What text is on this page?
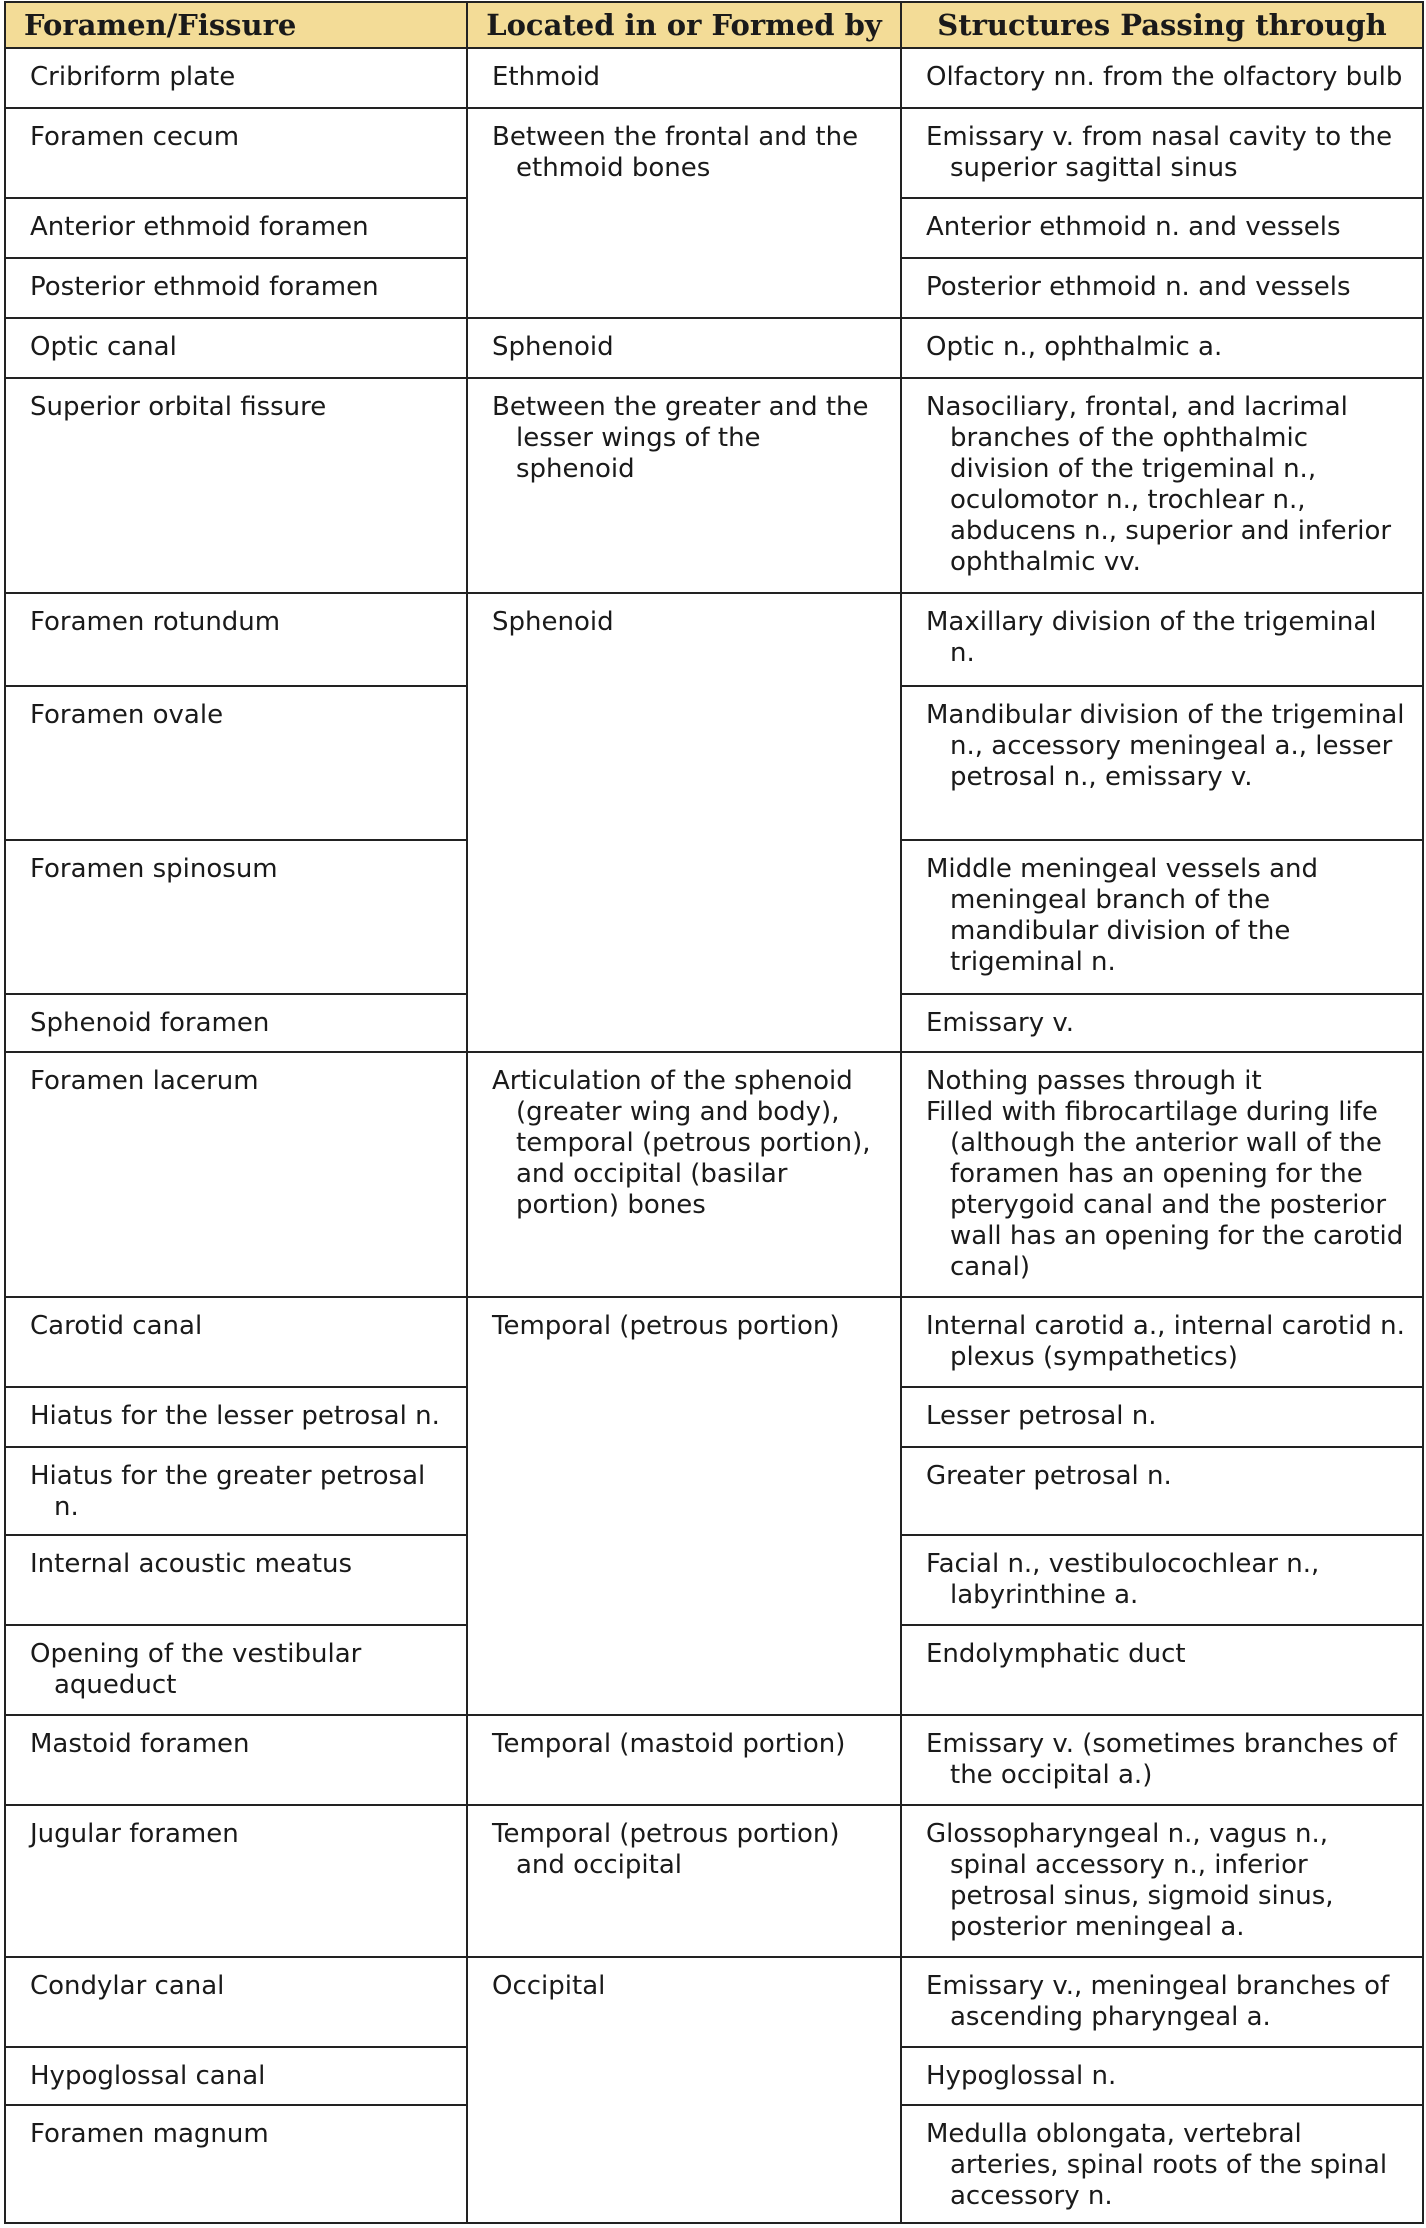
Foramen/Fissure	Located in or Formed by	Structures Passing through
Cribriform plate	Ethmoid	Olfactory nn. from the olfactory bulb
Foramen cecum	Between the frontal and the ethmoid bones	Emissary v. from nasal cavity to the superior sagittal sinus
Anterior ethmoid foramen		Anterior ethmoid n. and vessels
Posterior ethmoid foramen		Posterior ethmoid n. and vessels
Optic canal	Sphenoid	Optic n., ophthalmic a.
Superior orbital fissure	Between the greater and the lesser wings of the sphenoid	Nasociliary, frontal, and lacrimal branches of the ophthalmic division of the trigeminal n., oculomotor n., trochlear n., abducens n., superior and inferior ophthalmic vv.
Foramen rotundum	Sphenoid	Maxillary division of the trigeminal n.
Foramen ovale		Mandibular division of the trigeminal n., accessory meningeal a., lesser petrosal n., emissary v.
Foramen spinosum		Middle meningeal vessels and meningeal branch of the mandibular division of the trigeminal n.
Sphenoid foramen		Emissary v.
Foramen lacerum	Articulation of the sphenoid (greater wing and body), temporal (petrous portion), and occipital (basilar portion) bones	Nothing passes through it
Filled with fibrocartilage during life (although the anterior wall of the foramen has an opening for the pterygoid canal and the posterior wall has an opening for the carotid canal)

Carotid canal	Temporal (petrous portion)	Internal carotid a., internal carotid n. plexus (sympathetics)
Hiatus for the lesser petrosal n.		Lesser petrosal n.
Hiatus for the greater petrosal n.		Greater petrosal n.
Internal acoustic meatus		Facial n., vestibulocochlear n., labyrinthine a.
Opening of the vestibular aqueduct		Endolymphatic duct
Mastoid foramen	Temporal (mastoid portion)	Emissary v. (sometimes branches of the occipital a.)
Jugular foramen	Temporal (petrous portion) and occipital	Glossopharyngeal n., vagus n., spinal accessory n., inferior petrosal sinus, sigmoid sinus, posterior meningeal a.
Condylar canal	Occipital	Emissary v., meningeal branches of ascending pharyngeal a.
Hypoglossal canal		Hypoglossal n.
Foramen magnum		Medulla oblongata, vertebral arteries, spinal roots of the spinal accessory n.
